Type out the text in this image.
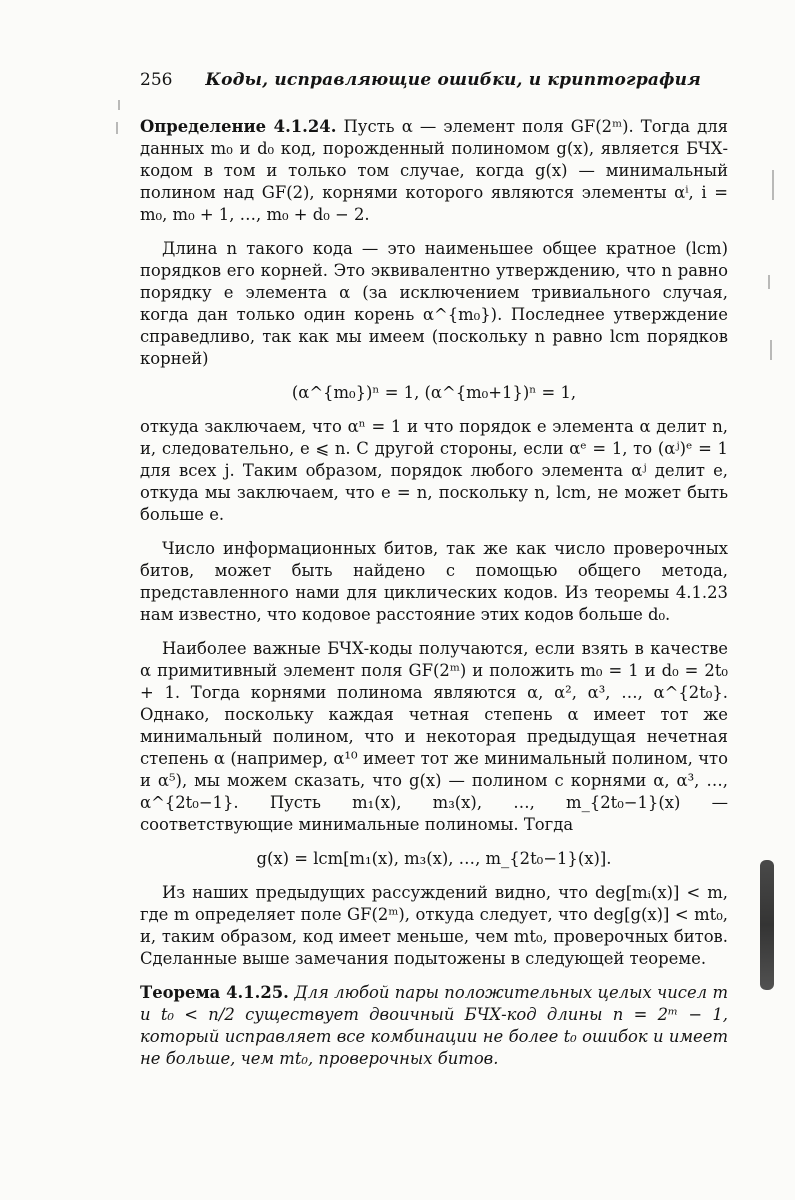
256 Коды, исправляющие ошибки, и криптография

Определение 4.1.24. Пусть α — элемент поля GF(2ᵐ). Тогда для данных m₀ и d₀ код, порожденный полиномом g(x), является БЧХ-кодом в том и только том случае, когда g(x) — минимальный полином над GF(2), корнями которого являются элементы αⁱ, i = m₀, m₀ + 1, …, m₀ + d₀ − 2.

Длина n такого кода — это наименьшее общее кратное (lcm) порядков его корней. Это эквивалентно утверждению, что n равно порядку e элемента α (за исключением тривиального случая, когда дан только один корень α^{m₀}). Последнее утверждение справедливо, так как мы имеем (поскольку n равно lcm порядков корней)

(α^{m₀})ⁿ = 1, (α^{m₀+1})ⁿ = 1,

откуда заключаем, что αⁿ = 1 и что порядок e элемента α делит n, и, следовательно, e ⩽ n. С другой стороны, если αᵉ = 1, то (αʲ)ᵉ = 1 для всех j. Таким образом, порядок любого элемента αʲ делит e, откуда мы заключаем, что e = n, поскольку n, lcm, не может быть больше e.

Число информационных битов, так же как число проверочных битов, может быть найдено с помощью общего метода, представленного нами для циклических кодов. Из теоремы 4.1.23 нам известно, что кодовое расстояние этих кодов больше d₀.

Наиболее важные БЧХ-коды получаются, если взять в качестве α примитивный элемент поля GF(2ᵐ) и положить m₀ = 1 и d₀ = 2t₀ + 1. Тогда корнями полинома являются α, α², α³, …, α^{2t₀}. Однако, поскольку каждая четная степень α имеет тот же минимальный полином, что и некоторая предыдущая нечетная степень α (например, α¹⁰ имеет тот же минимальный полином, что и α⁵), мы можем сказать, что g(x) — полином с корнями α, α³, …, α^{2t₀−1}. Пусть m₁(x), m₃(x), …, m_{2t₀−1}(x) — соответствующие минимальные полиномы. Тогда

g(x) = lcm[m₁(x), m₃(x), …, m_{2t₀−1}(x)].

Из наших предыдущих рассуждений видно, что deg[mᵢ(x)] < m, где m определяет поле GF(2ᵐ), откуда следует, что deg[g(x)] < mt₀, и, таким образом, код имеет меньше, чем mt₀, проверочных битов. Сделанные выше замечания подытожены в следующей теореме.

Теорема 4.1.25. Для любой пары положительных целых чисел m и t₀ < n/2 существует двоичный БЧХ-код длины n = 2ᵐ − 1, который исправляет все комбинации не более t₀ ошибок и имеет не больше, чем mt₀, проверочных битов.
